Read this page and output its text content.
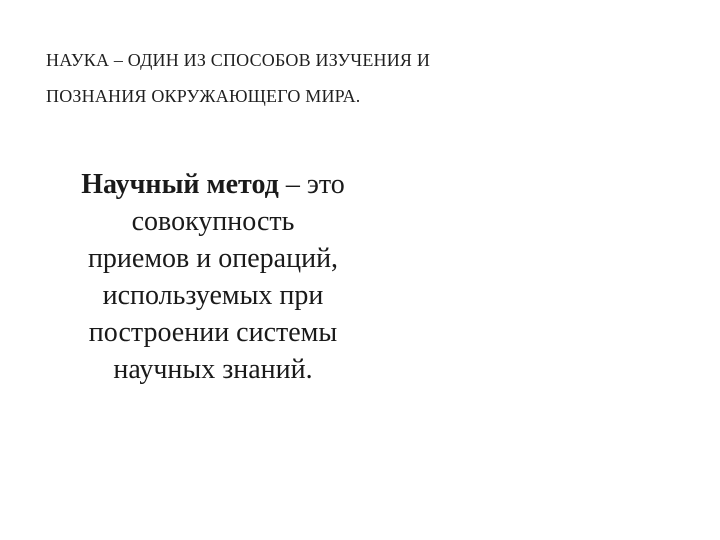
НАУКА – ОДИН ИЗ СПОСОБОВ ИЗУЧЕНИЯ И
ПОЗНАНИЯ ОКРУЖАЮЩЕГО МИРА.

Научный метод – это
совокупность
приемов и операций,
используемых при
построении системы
научных знаний.
